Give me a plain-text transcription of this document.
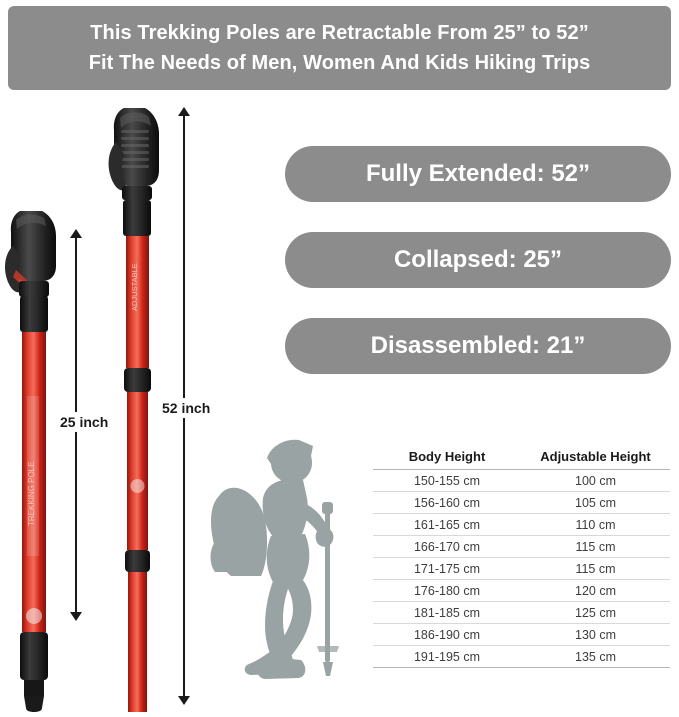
This Trekking Poles are Retractable From 25” to 52”
Fit The Needs of Men, Women And Kids Hiking Trips
Fully Extended: 52”
Collapsed: 25”
Disassembled: 21”
TREKKING POLE
ADJUSTABLE
25 inch
52 inch
Body Height	Adjustable Height
150-155 cm	100 cm
156-160 cm	105 cm
161-165 cm	110 cm
166-170 cm	115 cm
171-175 cm	115 cm
176-180 cm	120 cm
181-185 cm	125 cm
186-190 cm	130 cm
191-195 cm	135 cm
